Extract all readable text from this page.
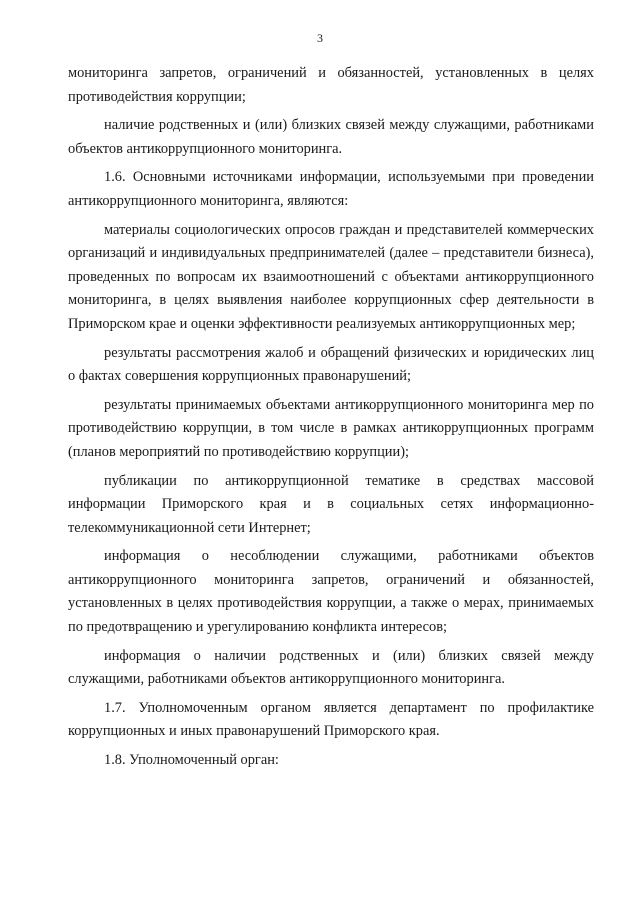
3

мониторинга запретов, ограничений и обязанностей, установленных в целях противодействия коррупции;

наличие родственных и (или) близких связей между служащими, работниками объектов антикоррупционного мониторинга.

1.6. Основными источниками информации, используемыми при проведении антикоррупционного мониторинга, являются:

материалы социологических опросов граждан и представителей коммерческих организаций и индивидуальных предпринимателей (далее – представители бизнеса), проведенных по вопросам их взаимоотношений с объектами антикоррупционного мониторинга, в целях выявления наиболее коррупционных сфер деятельности в Приморском крае и оценки эффективности реализуемых антикоррупционных мер;

результаты рассмотрения жалоб и обращений физических и юридических лиц о фактах совершения коррупционных правонарушений;

результаты принимаемых объектами антикоррупционного мониторинга мер по противодействию коррупции, в том числе в рамках антикоррупционных программ (планов мероприятий по противодействию коррупции);

публикации по антикоррупционной тематике в средствах массовой информации Приморского края и в социальных сетях информационно-телекоммуникационной сети Интернет;

информация о несоблюдении служащими, работниками объектов антикоррупционного мониторинга запретов, ограничений и обязанностей, установленных в целях противодействия коррупции, а также о мерах, принимаемых по предотвращению и урегулированию конфликта интересов;

информация о наличии родственных и (или) близких связей между служащими, работниками объектов антикоррупционного мониторинга.

1.7. Уполномоченным органом является департамент по профилактике коррупционных и иных правонарушений Приморского края.

1.8. Уполномоченный орган:
